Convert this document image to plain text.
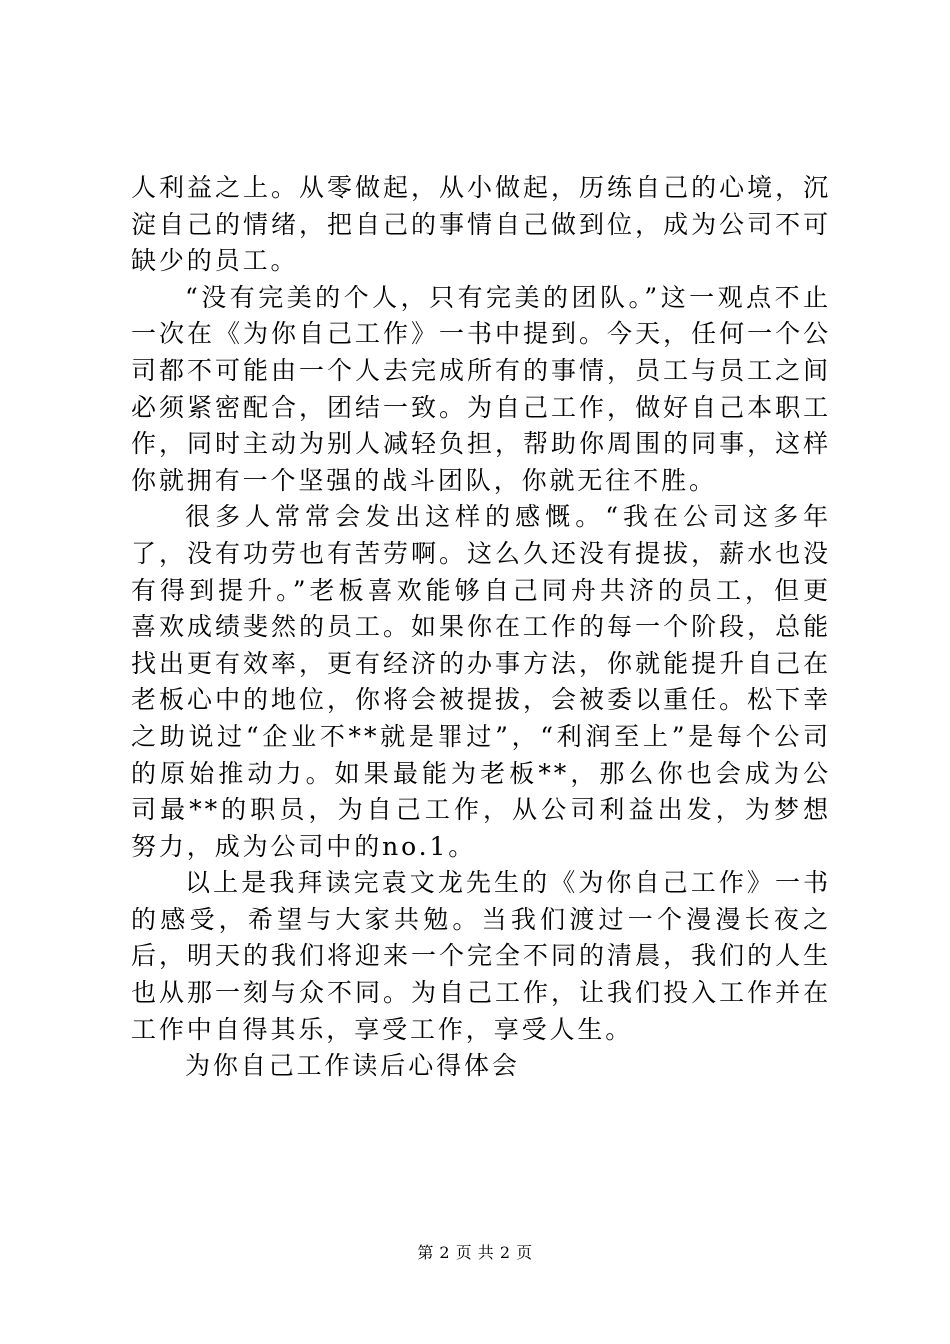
人利益之上。从零做起，从小做起，历练自己的心境，沉淀自己的情绪，把自己的事情自己做到位，成为公司不可缺少的员工。

“没有完美的个人，只有完美的团队。”这一观点不止一次在《为你自己工作》一书中提到。今天，任何一个公司都不可能由一个人去完成所有的事情，员工与员工之间必须紧密配合，团结一致。为自己工作，做好自己本职工作，同时主动为别人减轻负担，帮助你周围的同事，这样你就拥有一个坚强的战斗团队，你就无往不胜。

很多人常常会发出这样的感慨。“我在公司这多年了，没有功劳也有苦劳啊。这么久还没有提拔，薪水也没有得到提升。”老板喜欢能够自己同舟共济的员工，但更喜欢成绩斐然的员工。如果你在工作的每一个阶段，总能找出更有效率，更有经济的办事方法，你就能提升自己在老板心中的地位，你将会被提拔，会被委以重任。松下幸之助说过“企业不**就是罪过”，“利润至上”是每个公司的原始推动力。如果最能为老板**，那么你也会成为公司最**的职员，为自己工作，从公司利益出发，为梦想努力，成为公司中的no.1。

以上是我拜读完袁文龙先生的《为你自己工作》一书的感受，希望与大家共勉。当我们渡过一个漫漫长夜之后，明天的我们将迎来一个完全不同的清晨，我们的人生也从那一刻与众不同。为自己工作，让我们投入工作并在工作中自得其乐，享受工作，享受人生。

为你自己工作读后心得体会

第 2 页 共 2 页
